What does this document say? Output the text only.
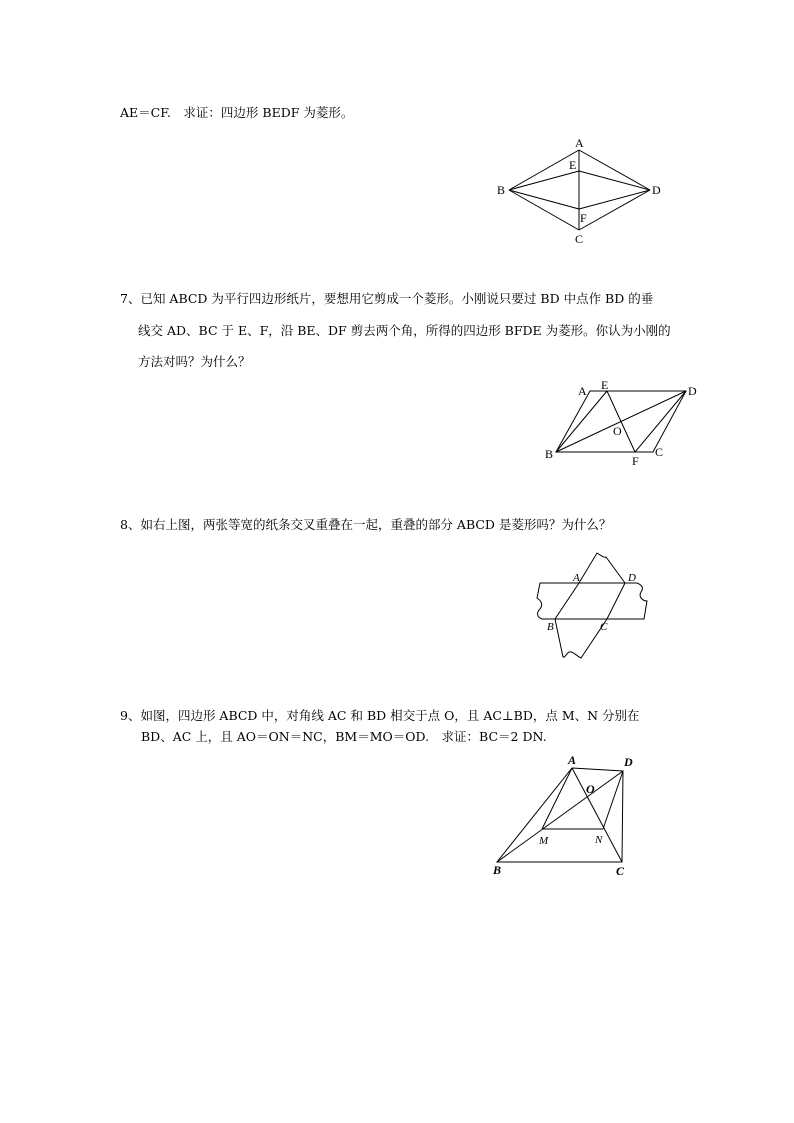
AE＝CF.　求证：四边形 BEDF 为菱形。
A
E
B	D
F
C
7、已知 ABCD 为平行四边形纸片，要想用它剪成一个菱形。小刚说只要过 BD 中点作 BD 的垂
线交 AD、BC 于 E、F，沿 BE、DF 剪去两个角，所得的四边形 BFDE 为菱形。你认为小刚的
方法对吗？为什么？
A E	D
O
B	C
F
8、如右上图，两张等宽的纸条交叉重叠在一起，重叠的部分 ABCD 是菱形吗？为什么？
A	D
B	C
9、如图，四边形 ABCD 中，对角线 AC 和 BD 相交于点 O，且 AC⊥BD，点 M、N 分别在
BD、AC 上，且 AO＝ON＝NC，BM＝MO＝OD.　求证：BC＝2 DN.
A	D
O
M	N
B	C
